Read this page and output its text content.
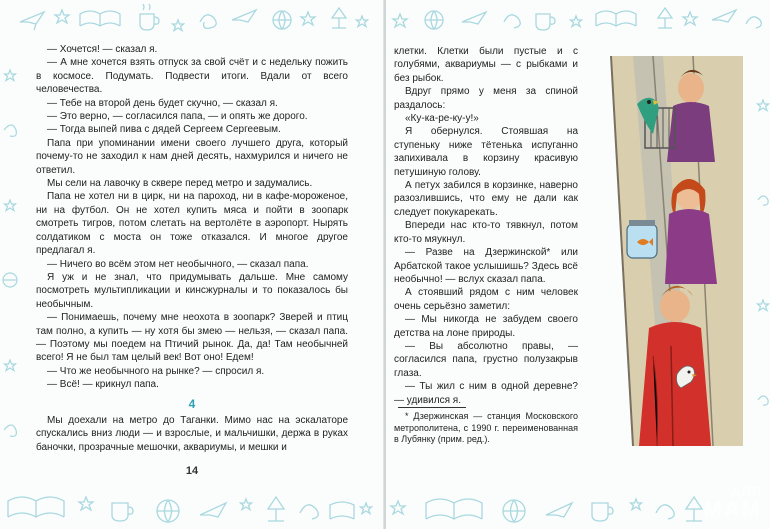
— Хочется! — сказал я.

— А мне хочется взять отпуск за свой счёт и с недельку пожить в космосе. Подумать. Подвести итоги. Вдали от всего человечества.

— Тебе на второй день будет скучно, — сказал я.

— Это верно, — согласился папа, — и опять же дорого.

— Тогда выпей пива с дядей Сергеем Сергеевым.

Папа при упоминании имени своего лучшего друга, который почему-то не заходил к нам дней десять, нахмурился и ничего не ответил.

Мы сели на лавочку в сквере перед метро и задумались.

Папа не хотел ни в цирк, ни на пароход, ни в кафе-мороженое, ни на футбол. Он не хотел купить мяса и пойти в зоопарк смотреть тигров, потом слетать на вертолёте в аэропорт. Нырять солдатиком с моста он тоже отказался. И многое другое предлагал я.

— Ничего во всём этом нет необычного, — сказал папа.

Я уж и не знал, что придумывать дальше. Мне самому посмотреть мультипликации и кинсжурналы и то показалось бы необычным.

— Понимаешь, почему мне неохота в зоопарк? Зверей и птиц там полно, а купить — ну хотя бы змею — нельзя, — сказал папа. — Поэтому мы поедем на Птичий рынок. Да, да! Там необычней всего! Я не был там целый век! Вот оно! Едем!

— Что же необычного на рынке? — спросил я.

— Всё! — крикнул папа.

4

Мы доехали на метро до Таганки. Мимо нас на эскалаторе спускались вниз люди — и взрослые, и мальчишки, держа в руках баночки, прозрачные мешочки, аквариумы, и мешки и

14

клетки. Клетки были пустые и с голубями, аквариумы — с рыбками и без рыбок.

Вдруг прямо у меня за спиной раздалось:

«Ку-ка-ре-ку-у!»

Я обернулся. Стоявшая на ступеньку ниже тётенька испуганно запихивала в корзину красивую петушиную голову.

А петух забился в корзинке, наверно разозлившись, что ему не дали как следует покукарекать.

Впереди нас кто-то тявкнул, потом кто-то мяукнул.

— Разве на Дзержинской* или Арбатской такое услышишь? Здесь всё необычно! — вслух сказал папа.

А стоявший рядом с ним человек очень серьёзно заметил:

— Мы никогда не забудем своего детства на лоне природы.

— Вы абсолютно правы, — согласился папа, грустно полузакрыв глаза.

— Ты жил с ним в одной деревне? — удивился я.

* Дзержинская — станция Московского метрополитена, с 1990 г. переименованная в Лубянку (прим. ред.).

ДЛЯ
МАМ
